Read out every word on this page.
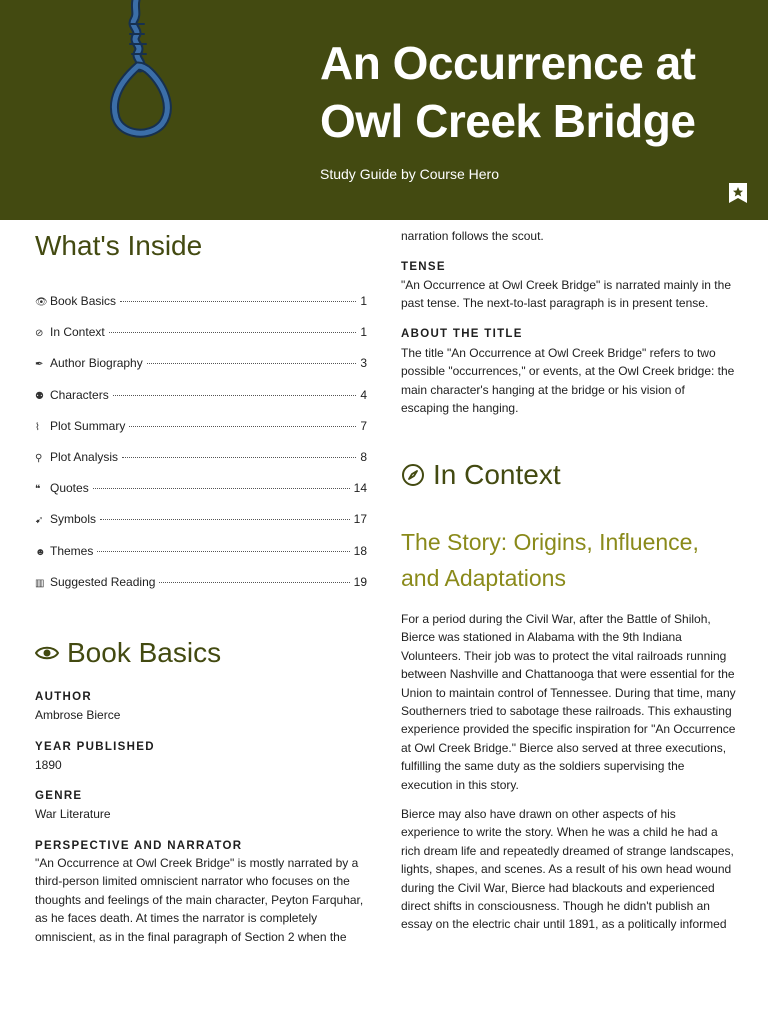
An Occurrence at
Owl Creek Bridge
Study Guide by Course Hero
What's Inside
👁 Book Basics	1
⊘ In Context	1
✒ Author Biography	3
⚉ Characters	4
⌇ Plot Summary	7
⚲ Plot Analysis	8
❝ Quotes	14
➹ Symbols	17
☻ Themes	18
▥ Suggested Reading	19
Book Basics
AUTHOR
Ambrose Bierce
YEAR PUBLISHED
1890
GENRE
War Literature
PERSPECTIVE AND NARRATOR
"An Occurrence at Owl Creek Bridge" is mostly narrated by a third-person limited omniscient narrator who focuses on the thoughts and feelings of the main character, Peyton Farquhar, as he faces death. At times the narrator is completely omniscient, as in the final paragraph of Section 2 when the
narration follows the scout.
TENSE
"An Occurrence at Owl Creek Bridge" is narrated mainly in the past tense. The next-to-last paragraph is in present tense.
ABOUT THE TITLE
The title "An Occurrence at Owl Creek Bridge" refers to two possible "occurrences," or events, at the Owl Creek bridge: the main character's hanging at the bridge or his vision of escaping the hanging.
In Context
The Story: Origins, Influence, and Adaptations
For a period during the Civil War, after the Battle of Shiloh, Bierce was stationed in Alabama with the 9th Indiana Volunteers. Their job was to protect the vital railroads running between Nashville and Chattanooga that were essential for the Union to maintain control of Tennessee. During that time, many Southerners tried to sabotage these railroads. This exhausting experience provided the specific inspiration for "An Occurrence at Owl Creek Bridge." Bierce also served at three executions, fulfilling the same duty as the soldiers supervising the execution in this story.
Bierce may also have drawn on other aspects of his experience to write the story. When he was a child he had a rich dream life and repeatedly dreamed of strange landscapes, lights, shapes, and scenes. As a result of his own head wound during the Civil War, Bierce had blackouts and experienced direct shifts in consciousness. Though he didn't publish an essay on the electric chair until 1891, as a politically informed
